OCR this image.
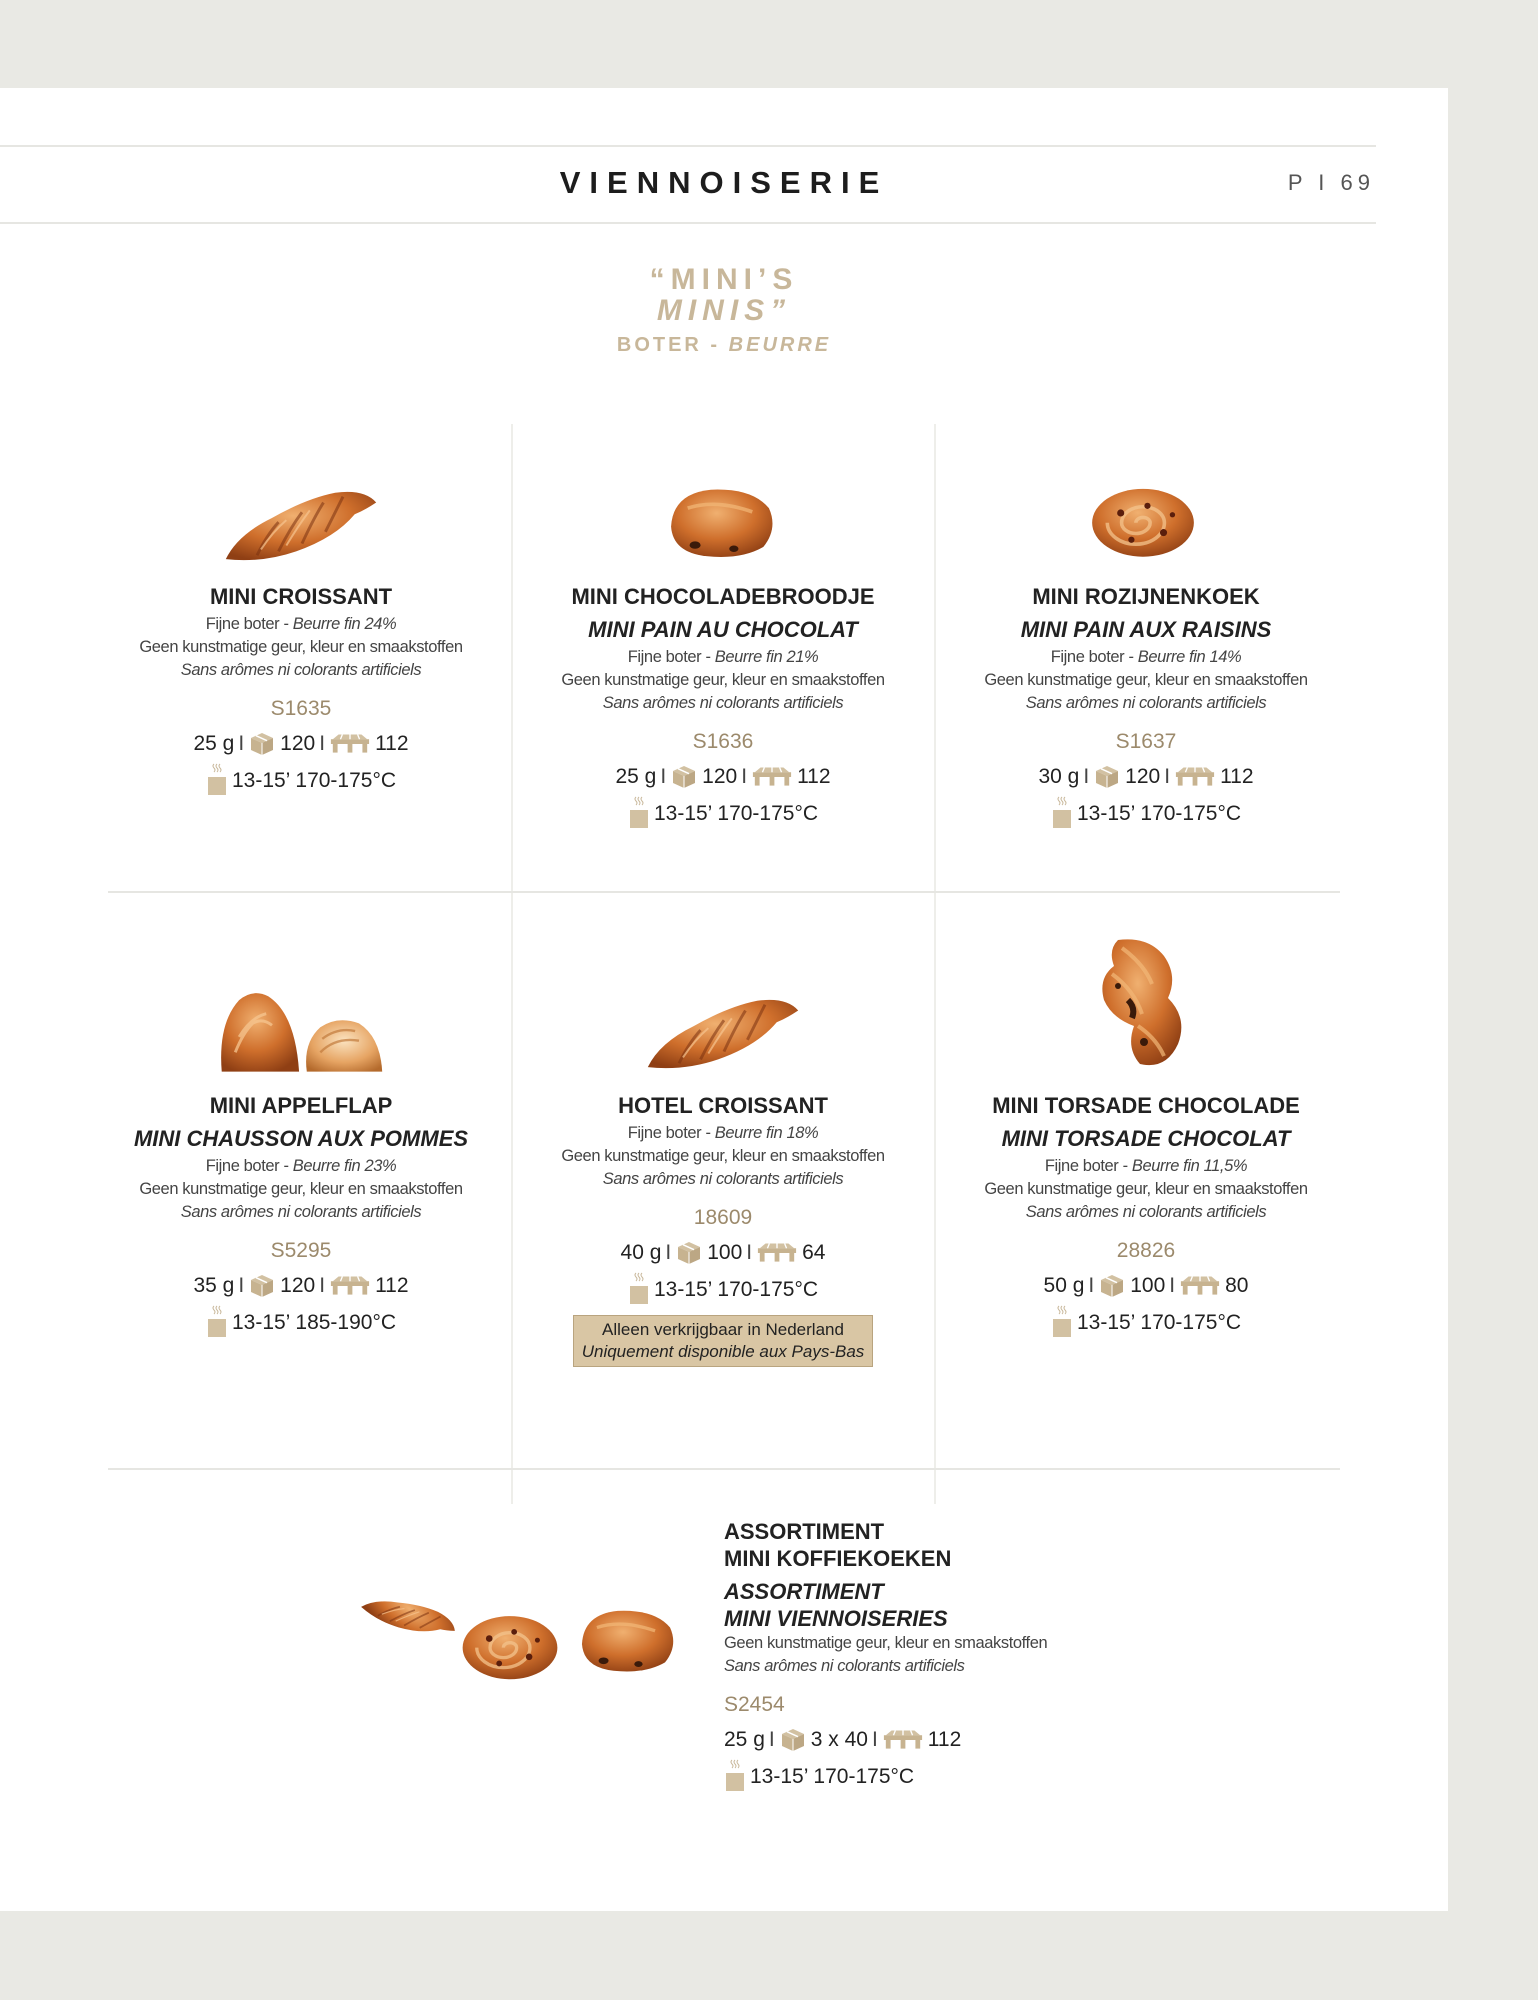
VIENNOISERIE	P I 69
“MINI’S
MINIS”
BOTER - BEURRE
MINI CROISSANT
Fijne boter - Beurre fin 24%
Geen kunstmatige geur, kleur en smaakstoffen
Sans arômes ni colorants artificiels
S1635
25 g I 120 I 112
13-15’ 170-175°C
MINI CHOCOLADEBROODJE
MINI PAIN AU CHOCOLAT
Fijne boter - Beurre fin 21%
Geen kunstmatige geur, kleur en smaakstoffen
Sans arômes ni colorants artificiels
S1636
25 g I 120 I 112
13-15’ 170-175°C
MINI ROZIJNENKOEK
MINI PAIN AUX RAISINS
Fijne boter - Beurre fin 14%
Geen kunstmatige geur, kleur en smaakstoffen
Sans arômes ni colorants artificiels
S1637
30 g I 120 I 112
13-15’ 170-175°C
MINI APPELFLAP
MINI CHAUSSON AUX POMMES
Fijne boter - Beurre fin 23%
Geen kunstmatige geur, kleur en smaakstoffen
Sans arômes ni colorants artificiels
S5295
35 g I 120 I 112
13-15’ 185-190°C
HOTEL CROISSANT
Fijne boter - Beurre fin 18%
Geen kunstmatige geur, kleur en smaakstoffen
Sans arômes ni colorants artificiels
18609
40 g I 100 I 64
13-15’ 170-175°C
Alleen verkrijgbaar in Nederland
Uniquement disponible aux Pays-Bas
MINI TORSADE CHOCOLADE
MINI TORSADE CHOCOLAT
Fijne boter - Beurre fin 11,5%
Geen kunstmatige geur, kleur en smaakstoffen
Sans arômes ni colorants artificiels
28826
50 g I 100 I 80
13-15’ 170-175°C
ASSORTIMENT
MINI KOFFIEKOEKEN
ASSORTIMENT
MINI VIENNOISERIES
Geen kunstmatige geur, kleur en smaakstoffen
Sans arômes ni colorants artificiels
S2454
25 g I 3 x 40 I 112
13-15’ 170-175°C
